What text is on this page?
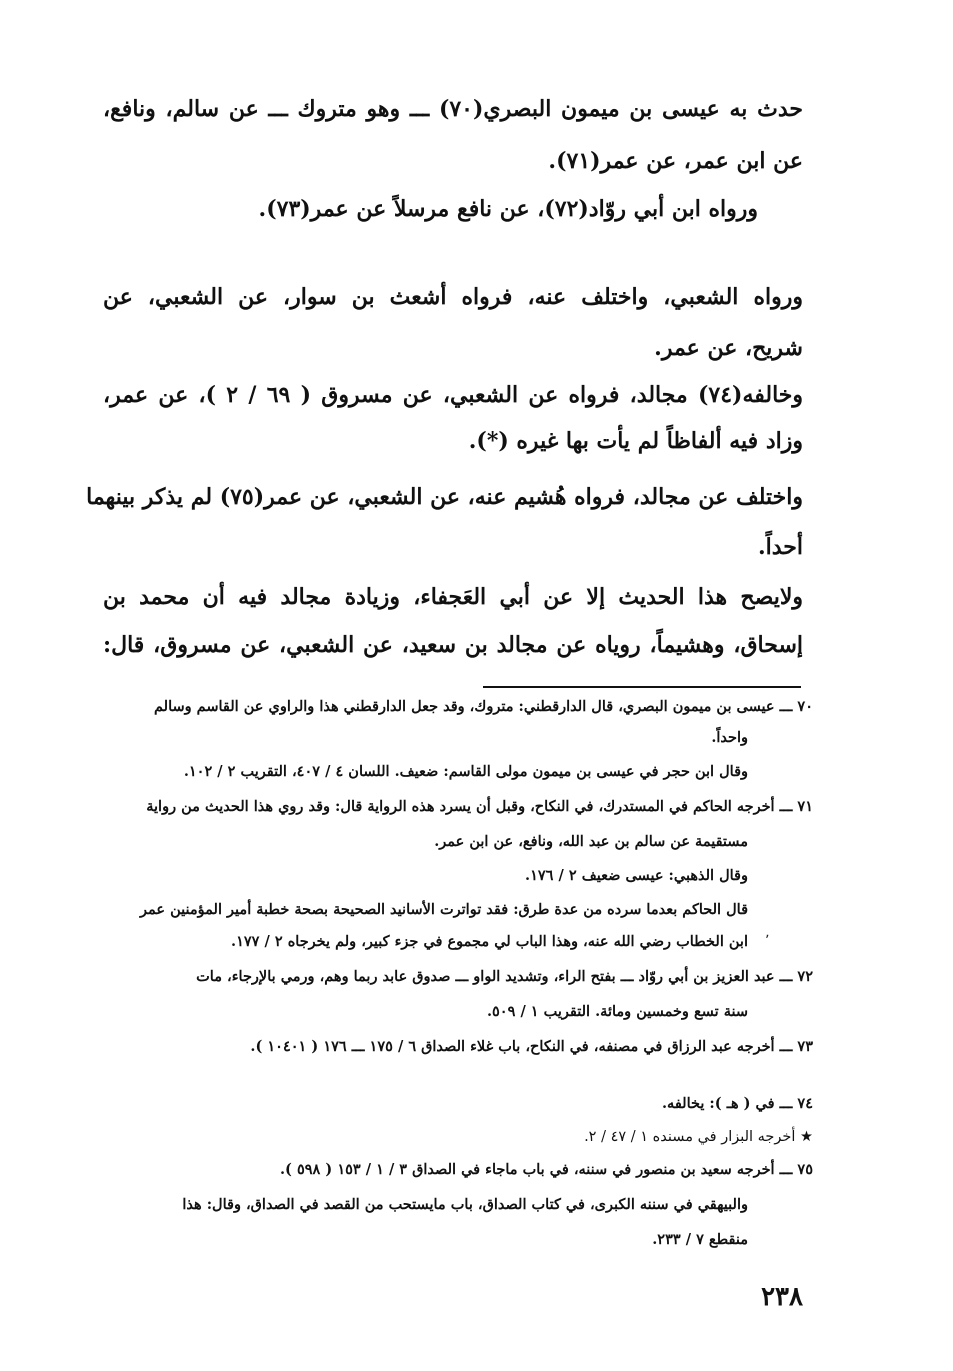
حدث به عيسى بن ميمون البصري(٧٠) ـــ وهو متروك ـــ عن سالم، ونافع،
عن ابن عمر، عن عمر(٧١).
ورواه ابن أبي روّاد(٧٢)، عن نافع مرسلاً عن عمر(٧٣).
ورواه الشعبي، واختلف عنه، فرواه أشعث بن سوار، عن الشعبي، عن
شريح، عن عمر.
وخالفه(٧٤) مجالد، فرواه عن الشعبي، عن مسروق ( ٦٩ / ٢ )، عن عمر،
وزاد فيه ألفاظاً لم يأت بها غيره (*).
واختلف عن مجالد، فرواه هُشيم عنه، عن الشعبي، عن عمر(٧٥) لم يذكر بينهما
أحداً.
ولايصح هذا الحديث إلا عن أبي العَجفاء، وزيادة مجالد فيه أن محمد بن
إسحاق، وهشيماً، روياه عن مجالد بن سعيد، عن الشعبي، عن مسروق، قال:
٧٠ ـــ عيسى بن ميمون البصري، قال الدارقطني: متروك، وقد جعل الدارقطني هذا والراوي عن القاسم وسالم
واحداً.
وقال ابن حجر في عيسى بن ميمون مولى القاسم: ضعيف. اللسان ٤ / ٤٠٧، التقريب ٢ / ١٠٢.
٧١ ـــ أخرجه الحاكم في المستدرك، في النكاح، وقبل أن يسرد هذه الرواية قال: وقد روي هذا الحديث من رواية
مستقيمة عن سالم بن عبد الله، ونافع، عن ابن عمر.
وقال الذهبي: عيسى ضعيف ٢ / ١٧٦.
قال الحاكم بعدما سرده من عدة طرق: فقد تواترت الأسانيد الصحيحة بصحة خطبة أمير المؤمنين عمر
ابن الخطاب رضي الله عنه، وهذا الباب لي مجموع في جزء كبير، ولم يخرجاه ٢ / ١٧٧.
٧٢ ـــ عبد العزيز بن أبي روّاد ـــ بفتح الراء، وتشديد الواو ـــ صدوق عابد ربما وهم، ورمي بالإرجاء، مات
سنة تسع وخمسين ومائة. التقريب ١ / ٥٠٩.
٧٣ ـــ أخرجه عبد الرزاق في مصنفه، في النكاح، باب غلاء الصداق ٦ / ١٧٥ ـــ ١٧٦ ( ١٠٤٠١ ).
٧٤ ـــ في ( هـ ): يخالفه.
★ أخرجه البزار في مسنده ١ / ٤٧ / ٢.
٧٥ ـــ أخرجه سعيد بن منصور في سننه، في باب ماجاء في الصداق ٣ / ١ / ١٥٣ ( ٥٩٨ ).
والبيهقي في سننه الكبرى، في كتاب الصداق، باب مايستحب من القصد في الصداق، وقال: هذا
منقطع ٧ / ٢٣٣.
٬
٢٣٨
